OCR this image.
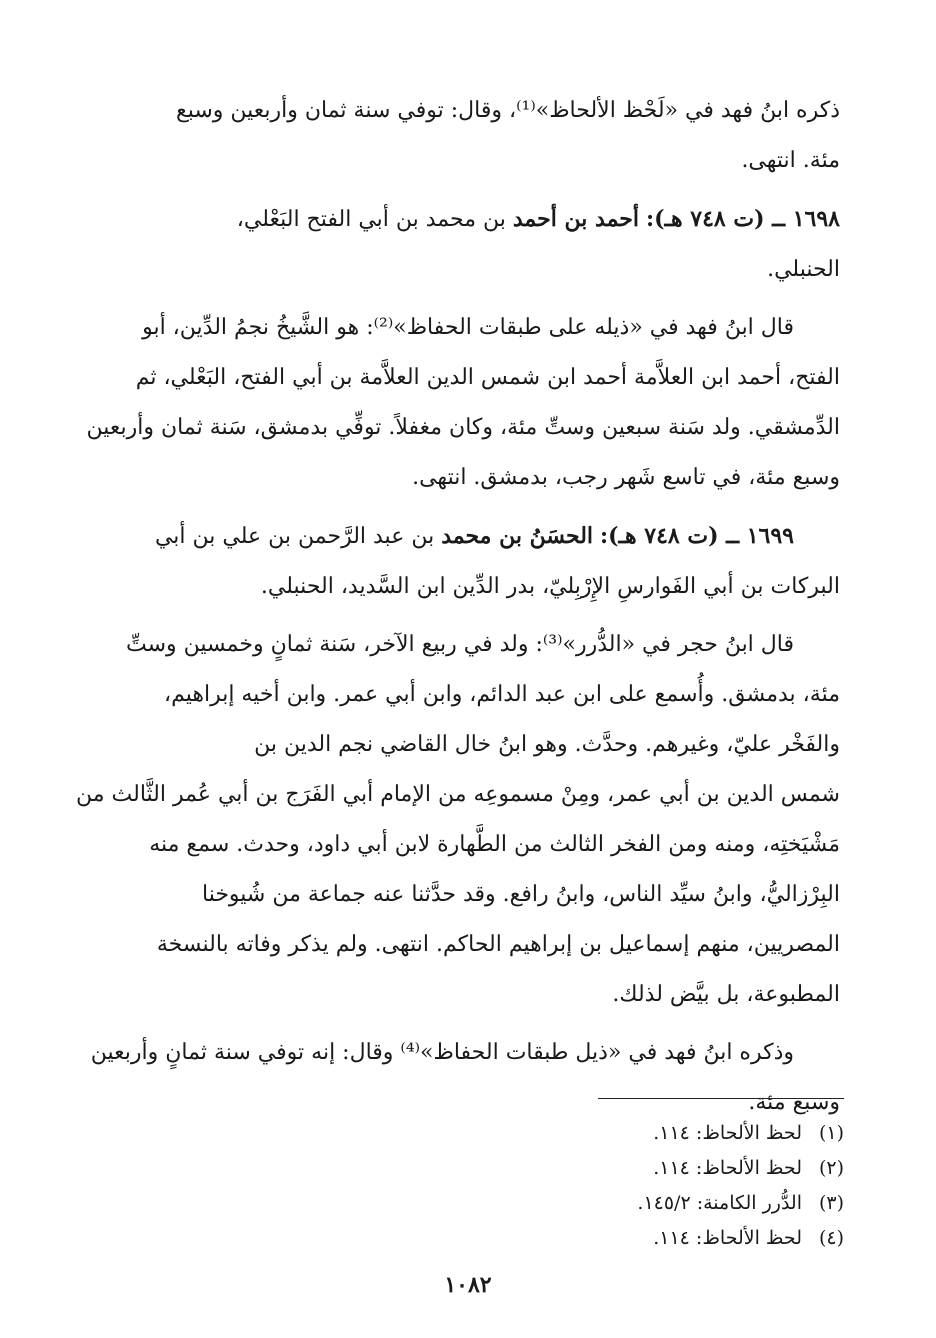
ذكره ابنُ فهد في «لَحْظ الألحاظ»⁽¹⁾، وقال: توفي سنة ثمان وأربعين وسبع
مئة. انتهى.

١٦٩٨ ــ (ت ٧٤٨ هـ): أحمد بن أحمد بن محمد بن أبي الفتح البَعْلي،
الحنبلي.

قال ابنُ فهد في «ذيله على طبقات الحفاظ»⁽²⁾: هو الشَّيخُ نجمُ الدِّين، أبو
الفتح، أحمد ابن العلاَّمة أحمد ابن شمس الدين العلاَّمة بن أبي الفتح، البَعْلي، ثم
الدِّمشقي. ولد سَنة سبعين وستِّ مئة، وكان مغفلاً. توفِّي بدمشق، سَنة ثمان وأربعين
وسبع مئة، في تاسع شَهر رجب، بدمشق. انتهى.

١٦٩٩ ــ (ت ٧٤٨ هـ): الحسَنُ بن محمد بن عبد الرَّحمن بن علي بن أبي
البركات بن أبي الفَوارسِ الإِرْبِليّ، بدر الدِّين ابن السَّديد، الحنبلي.

قال ابنُ حجر في «الدُّرر»⁽³⁾: ولد في ربيع الآخر، سَنة ثمانٍ وخمسين وستِّ
مئة، بدمشق. وأُسمع على ابن عبد الدائم، وابن أبي عمر. وابن أخيه إبراهيم،
والفَخْر عليّ، وغيرهم. وحدَّث. وهو ابنُ خال القاضي نجم الدين بن
شمس الدين بن أبي عمر، ومِنْ مسموعِه من الإمام أبي الفَرَج بن أبي عُمر الثَّالث من
مَشْيَختِه، ومنه ومن الفخر الثالث من الطَّهارة لابن أبي داود، وحدث. سمع منه
البِرْزاليُّ، وابنُ سيِّد الناس، وابنُ رافع. وقد حدَّثنا عنه جماعة من شُيوخنا
المصريين، منهم إسماعيل بن إبراهيم الحاكم. انتهى. ولم يذكر وفاته بالنسخة
المطبوعة، بل بيَّض لذلك.

وذكره ابنُ فهد في «ذيل طبقات الحفاظ»⁽⁴⁾ وقال: إنه توفي سنة ثمانٍ وأربعين
وسبع مئة.

(١)لحظ الألحاظ: ١١٤.
(٢)لحظ الألحاظ: ١١٤.
(٣)الدُّرر الكامنة: ١٤٥/٢.
(٤)لحظ الألحاظ: ١١٤.
١٠٨٢
